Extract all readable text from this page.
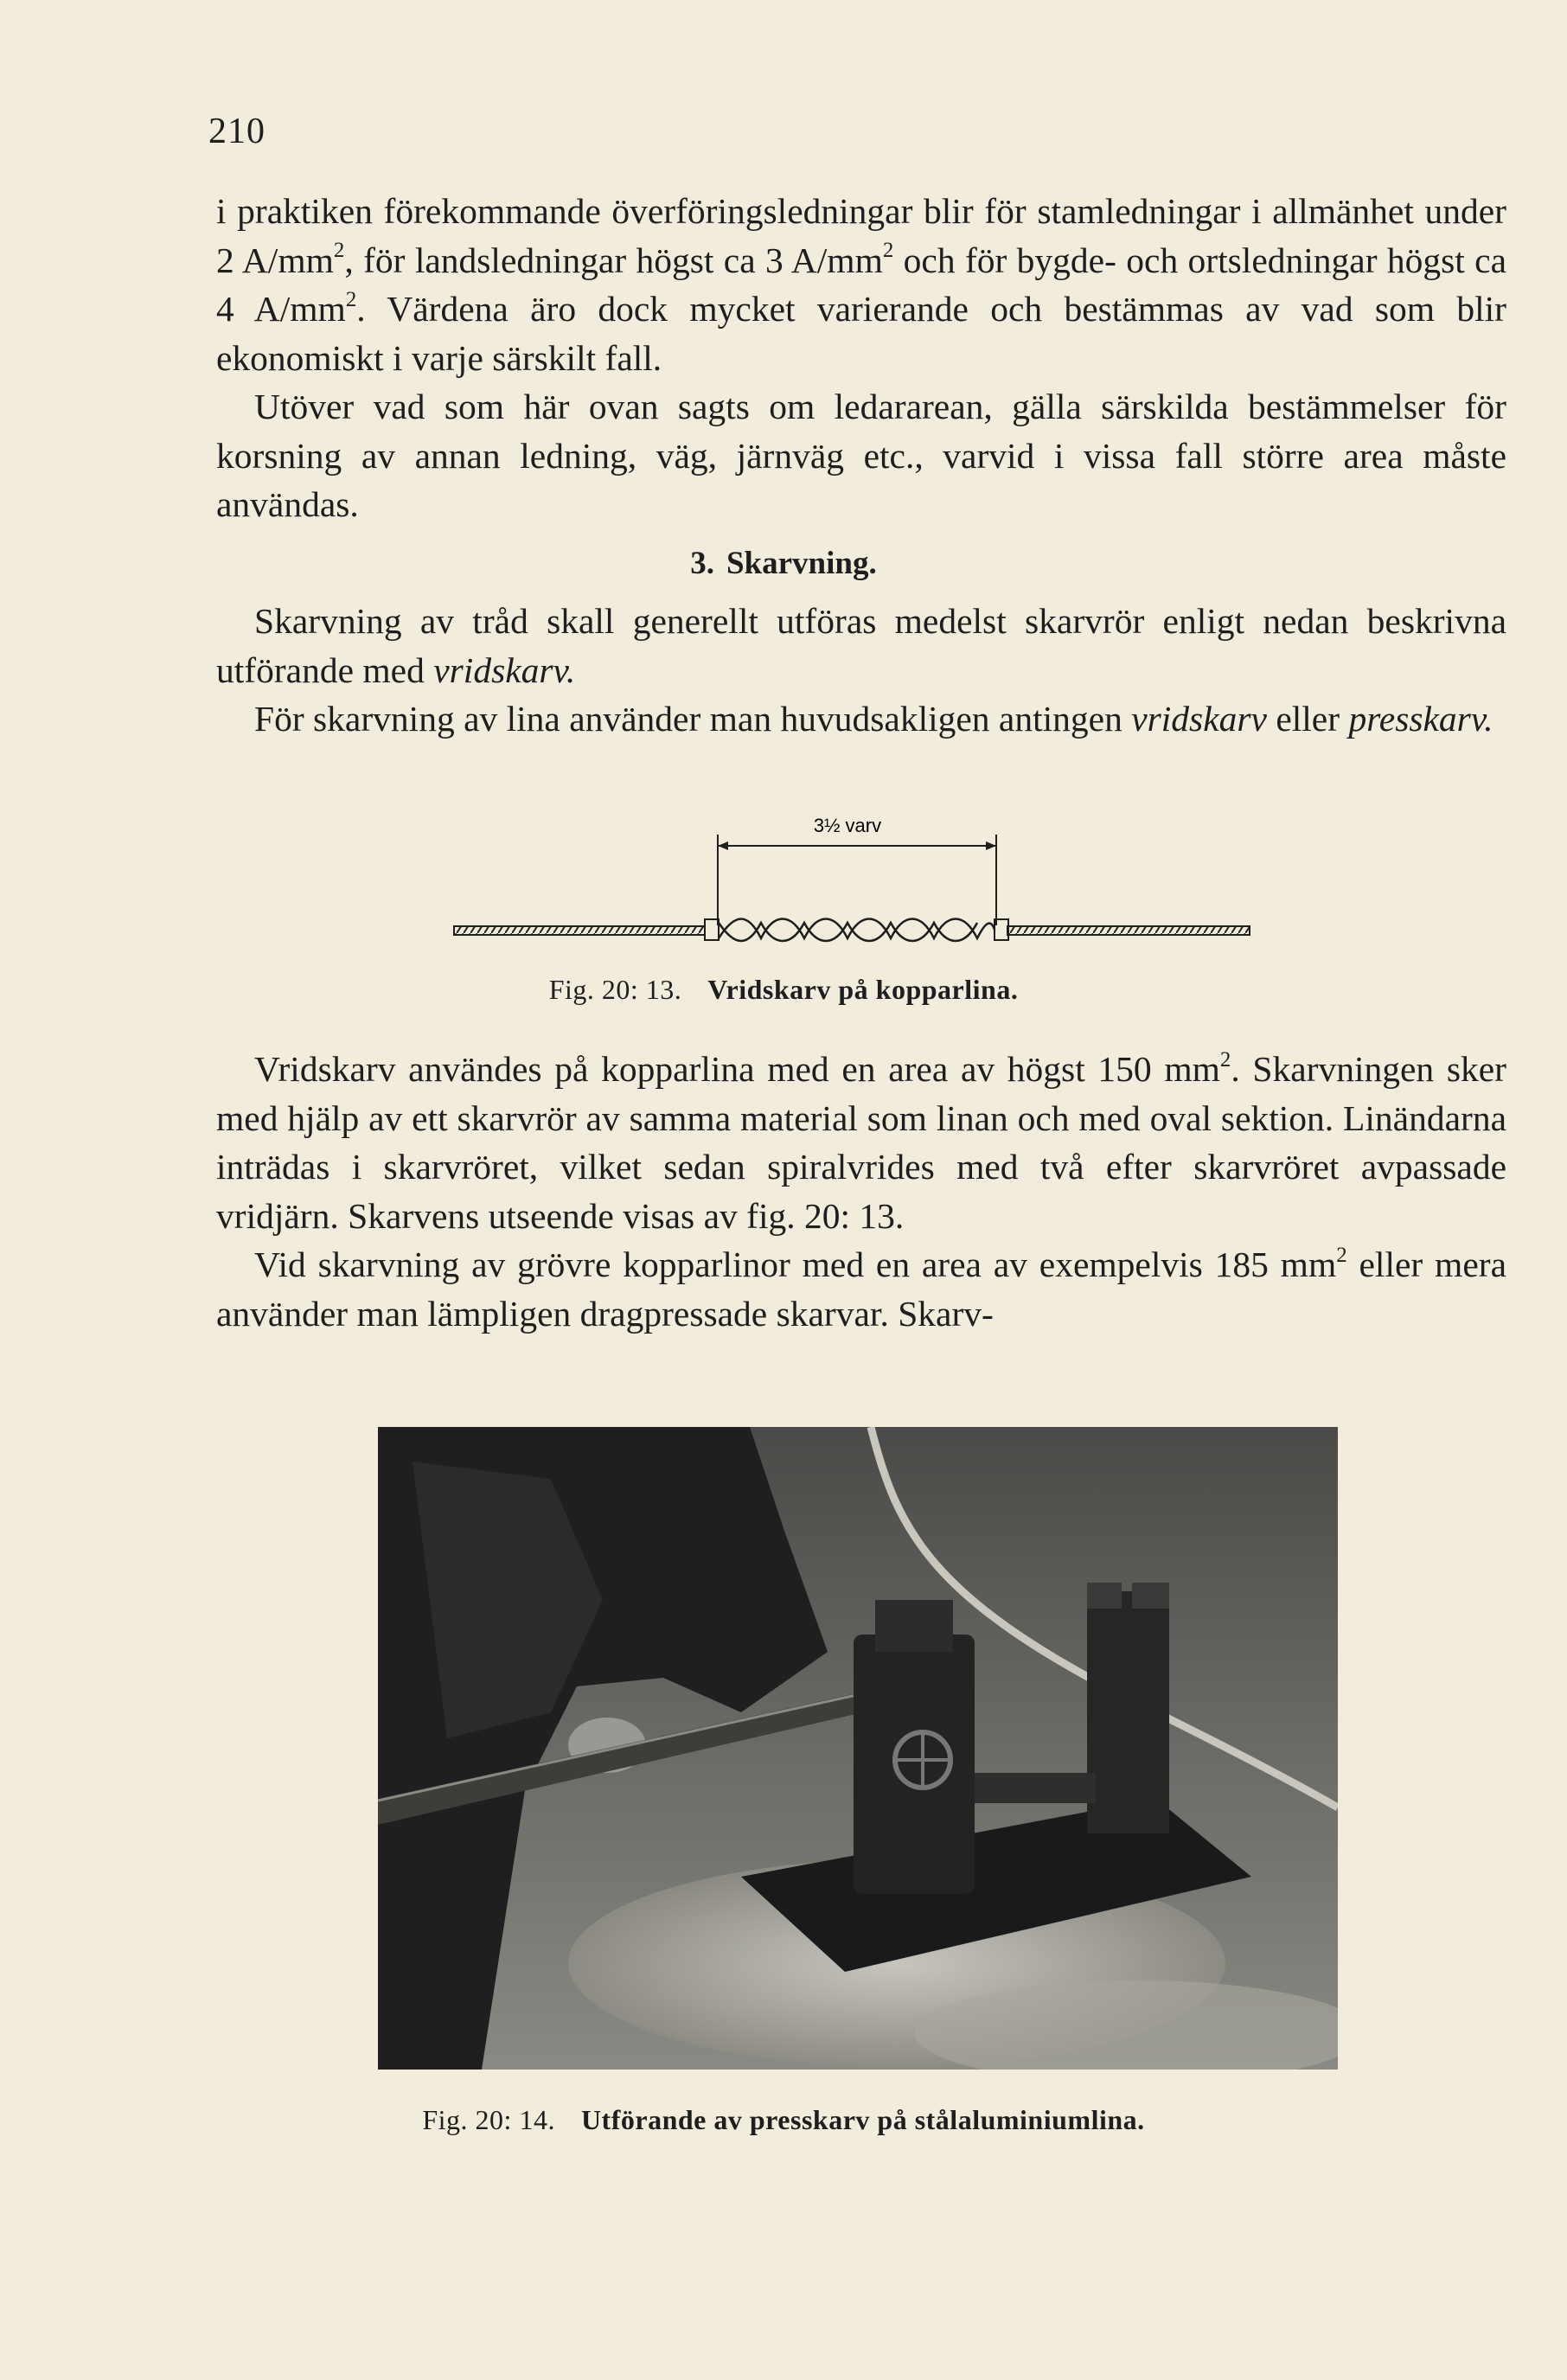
210

i praktiken förekommande överföringsledningar blir för stamledningar i allmänhet under 2 $A/mm^2$, för landsledningar högst ca 3 $A/mm^2$ och för bygde- och ortsledningar högst ca 4 $A/mm^2$. Värdena äro dock mycket varierande och bestämmas av vad som blir ekonomiskt i varje särskilt fall.

Utöver vad som här ovan sagts om ledararean, gälla särskilda bestämmelser för korsning av annan ledning, väg, järnväg etc., varvid i vissa fall större area måste användas.

3. Skarvning.

Skarvning av tråd skall generellt utföras medelst skarvrör enligt nedan beskrivna utförande med vridskarv.

För skarvning av lina använder man huvudsakligen antingen vridskarv eller presskarv.

3½ varv
Fig. 20: 13. Vridskarv på kopparlina.

Vridskarv användes på kopparlina med en area av högst 150 $mm^2$. Skarvningen sker med hjälp av ett skarvrör av samma material som linan och med oval sektion. Linändarna inträdas i skarvröret, vilket sedan spiralvrides med två efter skarvröret avpassade vridjärn. Skarvens utseende visas av fig. 20: 13.

Vid skarvning av grövre kopparlinor med en area av exempelvis 185 $mm^2$ eller mera använder man lämpligen dragpressade skarvar. Skarv-

Fig. 20: 14. Utförande av presskarv på stålaluminiumlina.
